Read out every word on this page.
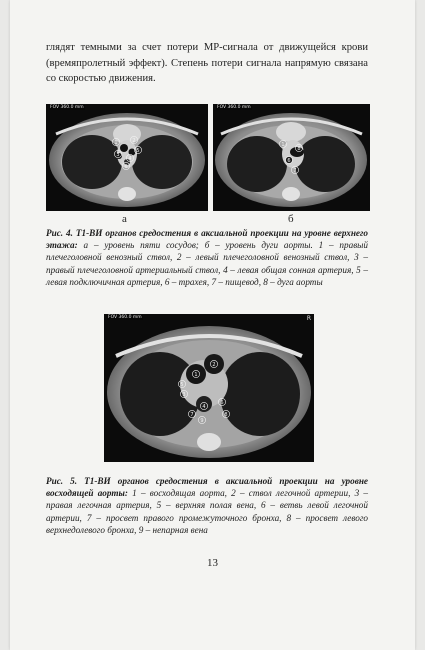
глядят темными за счет потери МР-сигнала от движущейся крови (времяпролетный эффект). Степень потери сигнала напрямую связана со скоростью движения.

1	2
3
4
5
6
FOV 360.0 mm
1
6
7
8
FOV 360.0 mm
а	б

Рис. 4. Т1-ВИ органов средостения в аксиальной проекции на уровне верхнего этажа: а – уровень пяти сосудов; б – уровень дуги аорты. 1 – правый плечеголовной венозный ствол, 2 – левый плечеголовной венозный ствол, 3 – правый плечеголовной артериальный ствол, 4 – левая общая сонная артерия, 5 – левая подключичная артерия, 6 – трахея, 7 – пищевод, 8 – дуга аорты

1
2
3
4
5
6
7	8
9
FOV 360.0 mm	R

Рис. 5. Т1-ВИ органов средостения в аксиальной проекции на уровне восходящей аорты: 1 – восходящая аорта, 2 – ствол легочной артерии, 3 – правая легочная артерия, 5 – верхняя полая вена, 6 – ветвь левой легочной артерии, 7 – просвет правого промежуточного бронха, 8 – просвет левого верхнедолевого бронха, 9 – непарная вена

13
